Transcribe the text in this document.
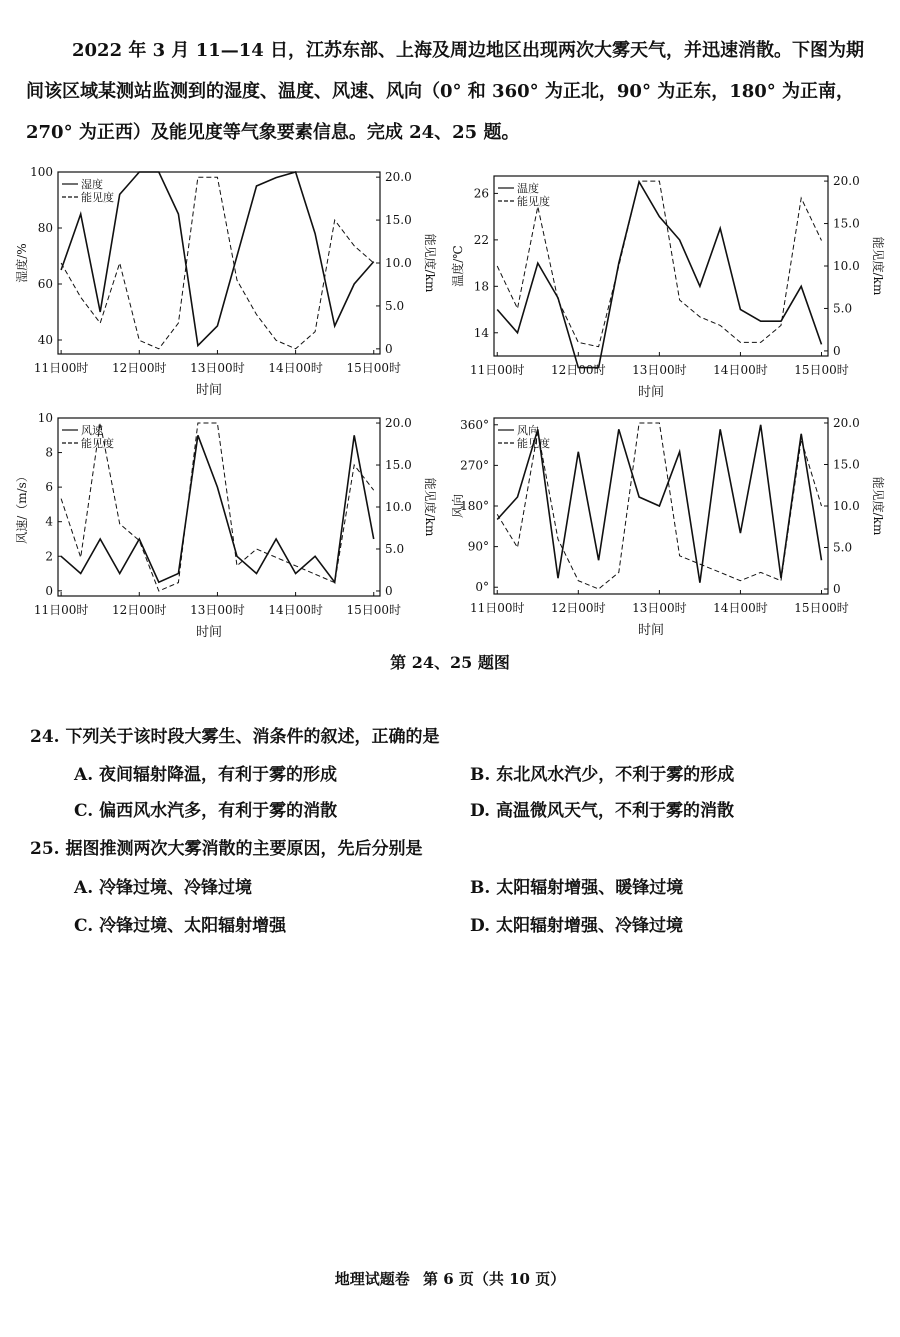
2022 年 3 月 11—14 日，江苏东部、上海及周边地区出现两次大雾天气，并迅速消散。下图为期间该区域某测站监测到的湿度、温度、风速、风向（0° 和 360° 为正北，90° 为正东，180° 为正南，270° 为正西）及能见度等气象要素信息。完成 24、25 题。

11日00时 12日00时 13日00时 14日00时 15日00时
时间
40
60
80
100
湿度/%
0
5.0
10.0
15.0
20.0
能见度/km
湿度
能见度
11日00时 12日00时 13日00时 14日00时 15日00时
时间
14
18
22
26
温度/℃
0
5.0
10.0
15.0
20.0
能见度/km
温度
能见度
11日00时 12日00时 13日00时 14日00时 15日00时
时间
0
2
4
6
8
10
风速/（m/s）
0
5.0
10.0
15.0
20.0
能见度/km
风速
能见度
11日00时 12日00时 13日00时 14日00时 15日00时
时间
0°
90°
180°
270°
360°
风向
0
5.0
10.0
15.0
20.0
能见度/km
风向
能见度
第 24、25 题图
24. 下列关于该时段大雾生、消条件的叙述，正确的是
A. 夜间辐射降温，有利于雾的形成	B. 东北风水汽少，不利于雾的形成
C. 偏西风水汽多，有利于雾的消散	D. 高温微风天气，不利于雾的消散
25. 据图推测两次大雾消散的主要原因，先后分别是
A. 冷锋过境、冷锋过境	B. 太阳辐射增强、暖锋过境
C. 冷锋过境、太阳辐射增强	D. 太阳辐射增强、冷锋过境
地理试题卷 第 6 页（共 10 页）
